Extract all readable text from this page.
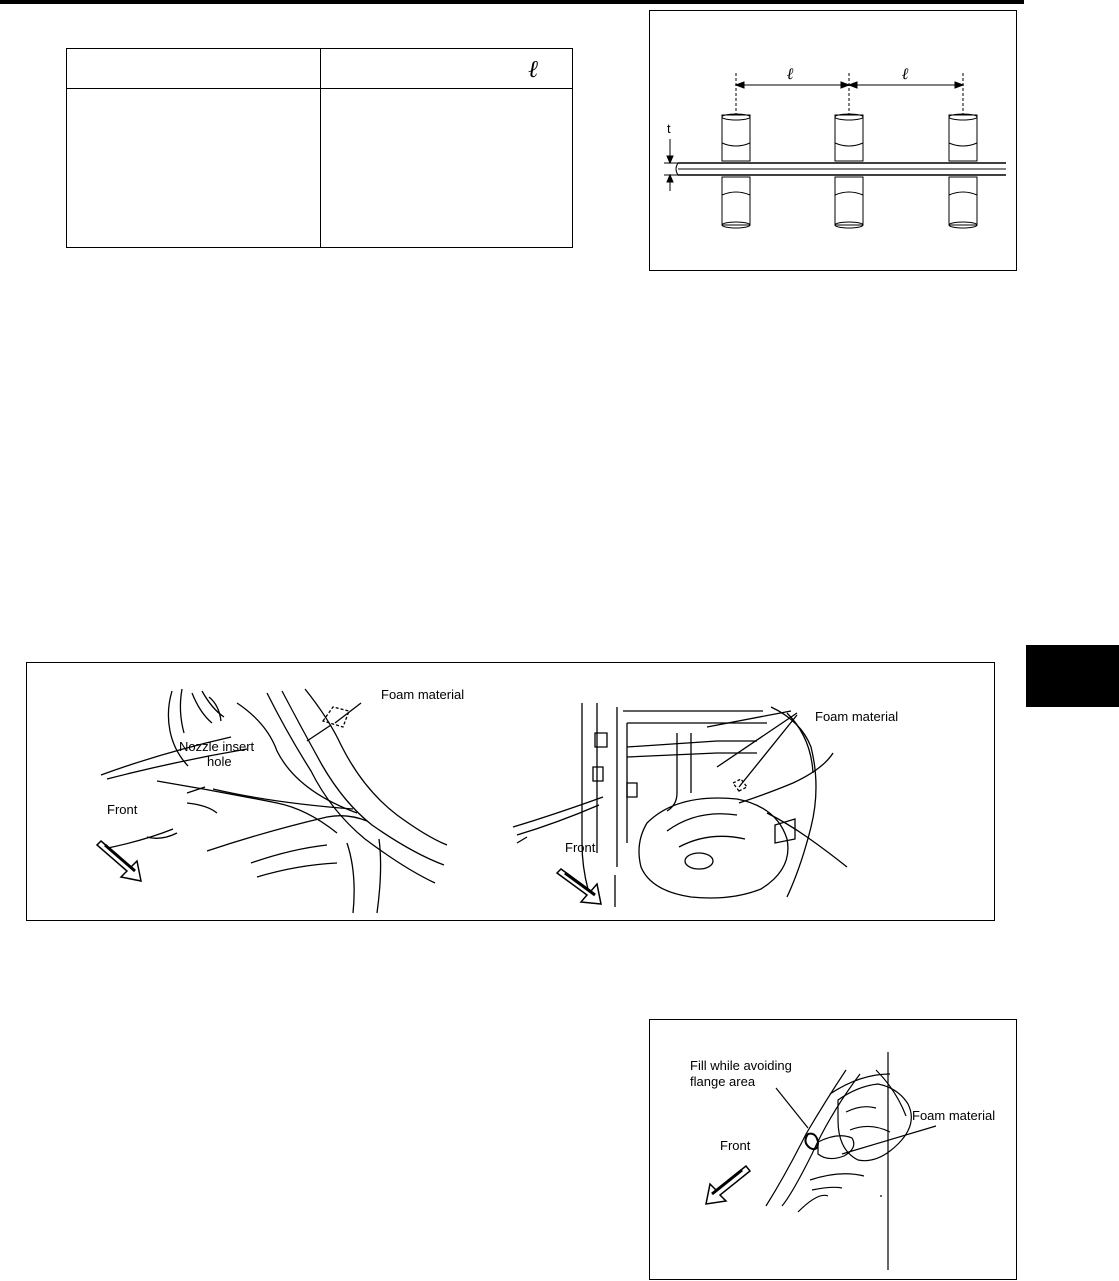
ℓ	ℓ	ℓ
t
Foam material
Nozzle insert
hole
Front
Foam material
Front
Fill while avoiding
flange area
Foam material
Front
